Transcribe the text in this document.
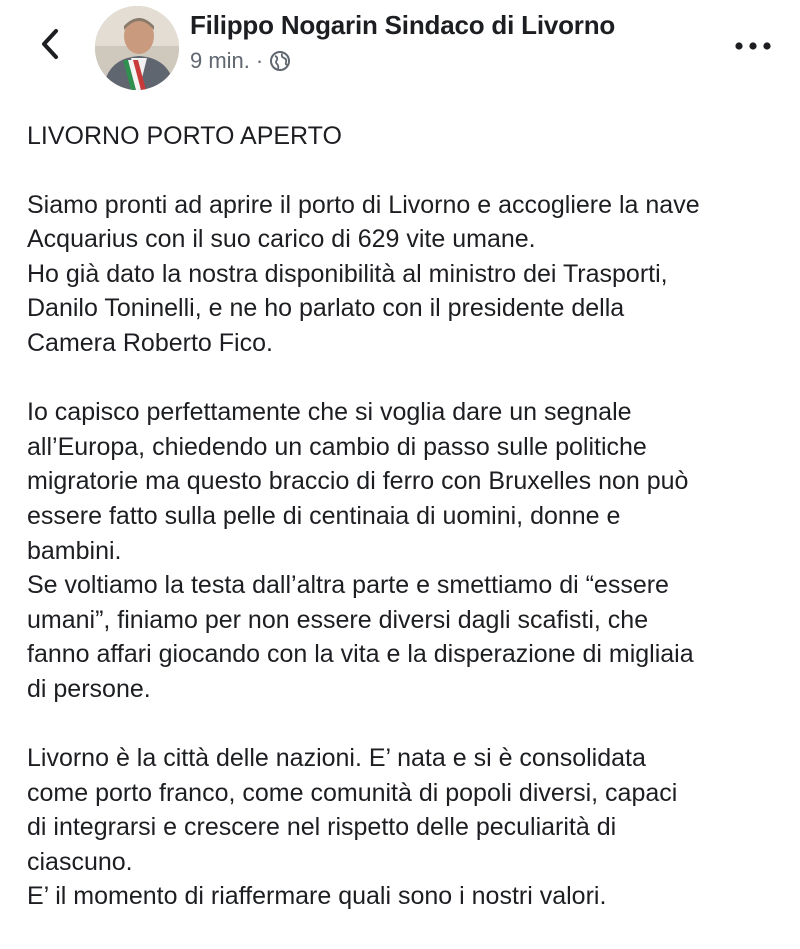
Filippo Nogarin Sindaco di Livorno
9 min. ·

LIVORNO PORTO APERTO

Siamo pronti ad aprire il porto di Livorno e accogliere la nave
Acquarius con il suo carico di 629 vite umane.
Ho già dato la nostra disponibilità al ministro dei Trasporti,
Danilo Toninelli, e ne ho parlato con il presidente della
Camera Roberto Fico.

Io capisco perfettamente che si voglia dare un segnale
all’Europa, chiedendo un cambio di passo sulle politiche
migratorie ma questo braccio di ferro con Bruxelles non può
essere fatto sulla pelle di centinaia di uomini, donne e
bambini.
Se voltiamo la testa dall’altra parte e smettiamo di “essere
umani”, finiamo per non essere diversi dagli scafisti, che
fanno affari giocando con la vita e la disperazione di migliaia
di persone.

Livorno è la città delle nazioni. E’ nata e si è consolidata
come porto franco, come comunità di popoli diversi, capaci
di integrarsi e crescere nel rispetto delle peculiarità di
ciascuno.
E’ il momento di riaffermare quali sono i nostri valori.
